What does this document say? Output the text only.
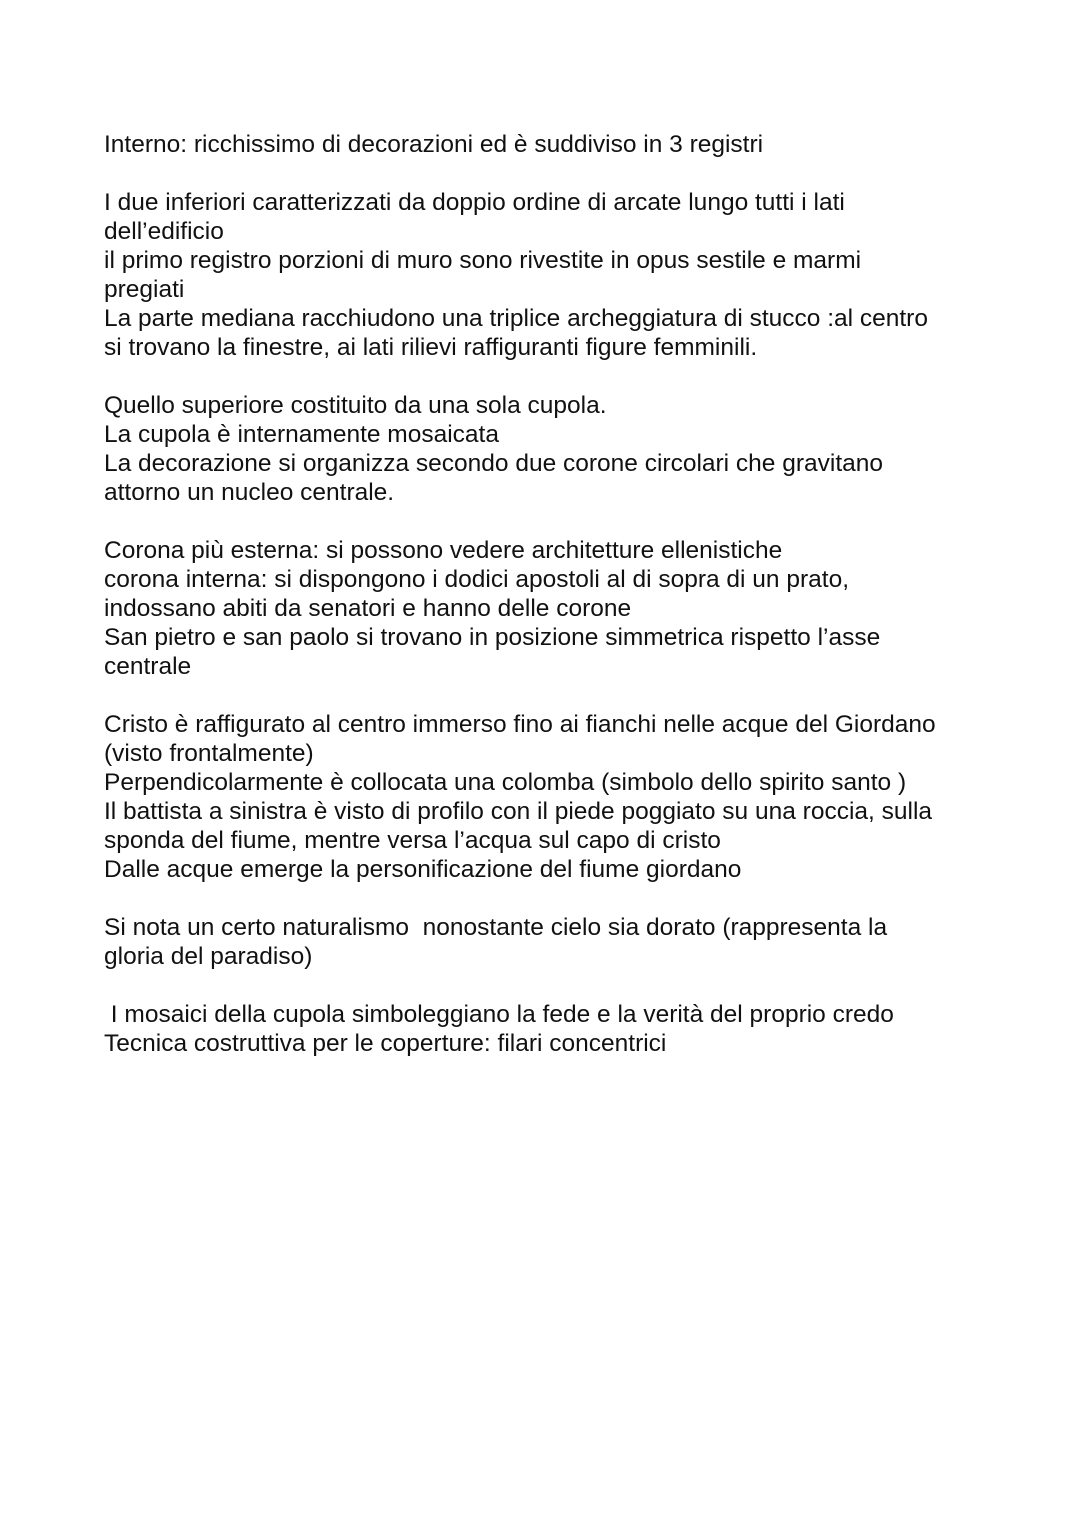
Interno: ricchissimo di decorazioni ed è suddiviso in 3 registri
I due inferiori caratterizzati da doppio ordine di arcate lungo tutti i lati
dell’edificio
il primo registro porzioni di muro sono rivestite in opus sestile e marmi
pregiati
La parte mediana racchiudono una triplice archeggiatura di stucco :al centro
si trovano la finestre, ai lati rilievi raffiguranti figure femminili.
Quello superiore costituito da una sola cupola.
La cupola è internamente mosaicata
La decorazione si organizza secondo due corone circolari che gravitano
attorno un nucleo centrale.
Corona più esterna: si possono vedere architetture ellenistiche
corona interna: si dispongono i dodici apostoli al di sopra di un prato,
indossano abiti da senatori e hanno delle corone
San pietro e san paolo si trovano in posizione simmetrica rispetto l’asse
centrale
Cristo è raffigurato al centro immerso fino ai fianchi nelle acque del Giordano
(visto frontalmente)
Perpendicolarmente è collocata una colomba (simbolo dello spirito santo )
Il battista a sinistra è visto di profilo con il piede poggiato su una roccia, sulla
sponda del fiume, mentre versa l’acqua sul capo di cristo
Dalle acque emerge la personificazione del fiume giordano
Si nota un certo naturalismo  nonostante cielo sia dorato (rappresenta la
gloria del paradiso)
I mosaici della cupola simboleggiano la fede e la verità del proprio credo
Tecnica costruttiva per le coperture: filari concentrici
